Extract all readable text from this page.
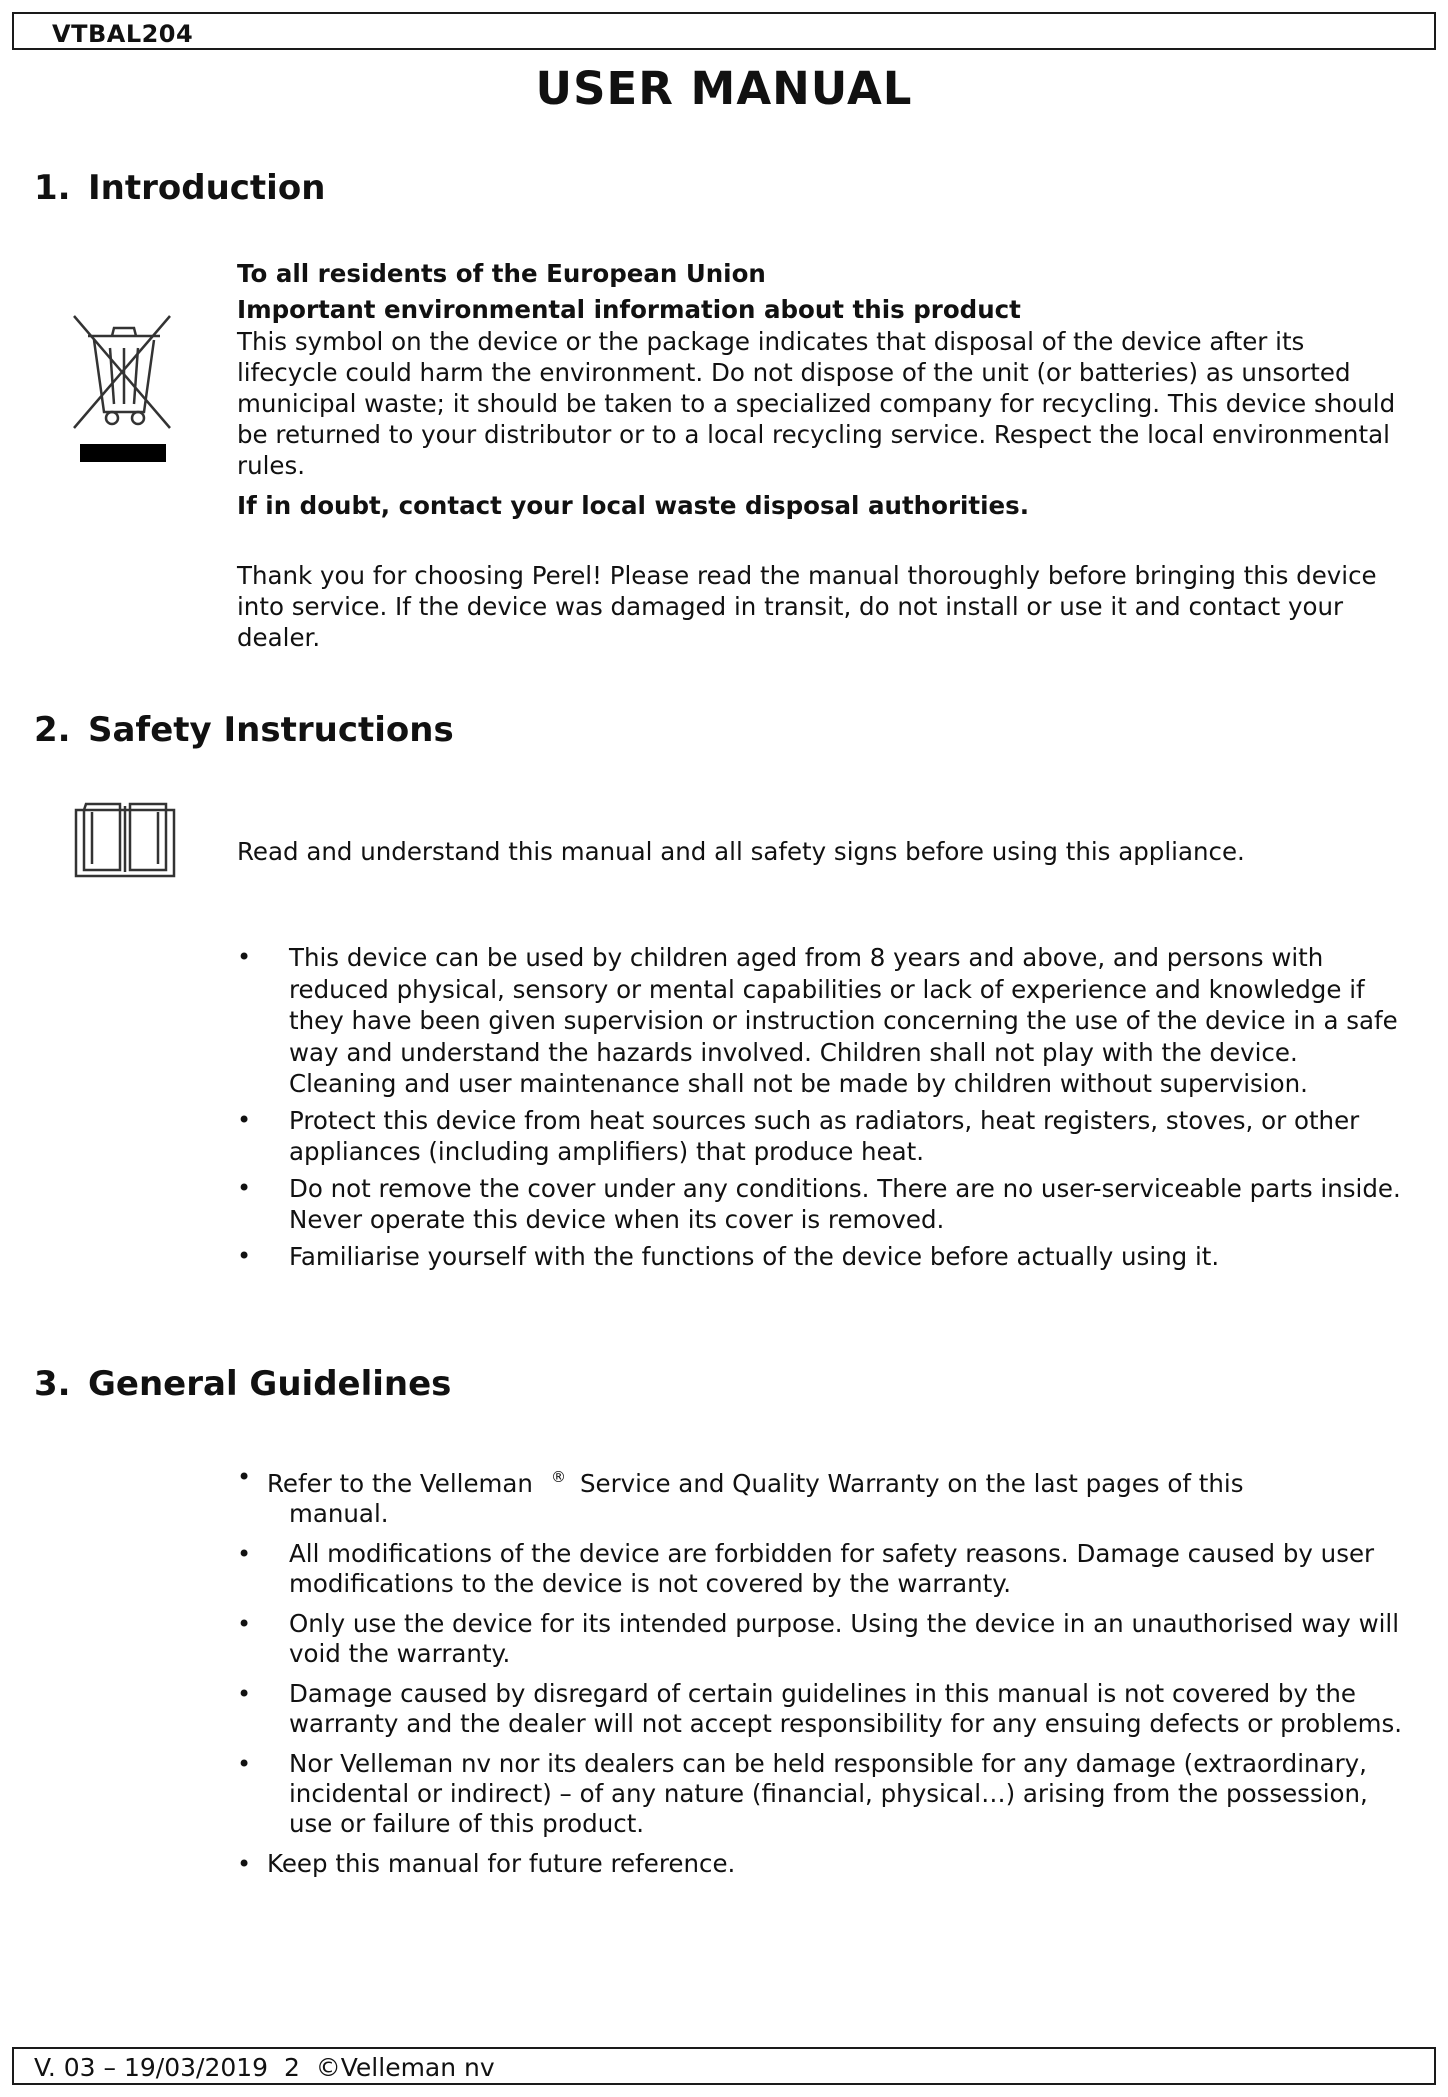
VTBAL204
USER MANUAL
1. Introduction

To all residents of the European Union

Important environmental information about this product

This symbol on the device or the package indicates that disposal of the device after its lifecycle could harm the environment. Do not dispose of the unit (or batteries) as unsorted municipal waste; it should be taken to a specialized company for recycling. This device should be returned to your distributor or to a local recycling service. Respect the local environmental rules.

If in doubt, contact your local waste disposal authorities.

Thank you for choosing Perel! Please read the manual thoroughly before bringing this device into service. If the device was damaged in transit, do not install or use it and contact your dealer.

2. Safety Instructions

Read and understand this manual and all safety signs before using this appliance.

• This device can be used by children aged from 8 years and above, and persons with reduced physical, sensory or mental capabilities or lack of experience and knowledge if they have been given supervision or instruction concerning the use of the device in a safe way and understand the hazards involved. Children shall not play with the device. Cleaning and user maintenance shall not be made by children without supervision.
• Protect this device from heat sources such as radiators, heat registers, stoves, or other appliances (including amplifiers) that produce heat.
• Do not remove the cover under any conditions. There are no user-serviceable parts inside. Never operate this device when its cover is removed.
• Familiarise yourself with the functions of the device before actually using it.
3. General Guidelines
• Refer to the Velleman ® Service and Quality Warranty on the last pages of this
manual.
• All modifications of the device are forbidden for safety reasons. Damage caused by user modifications to the device is not covered by the warranty.
• Only use the device for its intended purpose. Using the device in an unauthorised way will void the warranty.
• Damage caused by disregard of certain guidelines in this manual is not covered by the warranty and the dealer will not accept responsibility for any ensuing defects or problems.
• Nor Velleman nv nor its dealers can be held responsible for any damage (extraordinary, incidental or indirect) – of any nature (financial, physical…) arising from the possession, use or failure of this product.
• Keep this manual for future reference.
V. 03 – 19/03/2019  2  ©Velleman nv
